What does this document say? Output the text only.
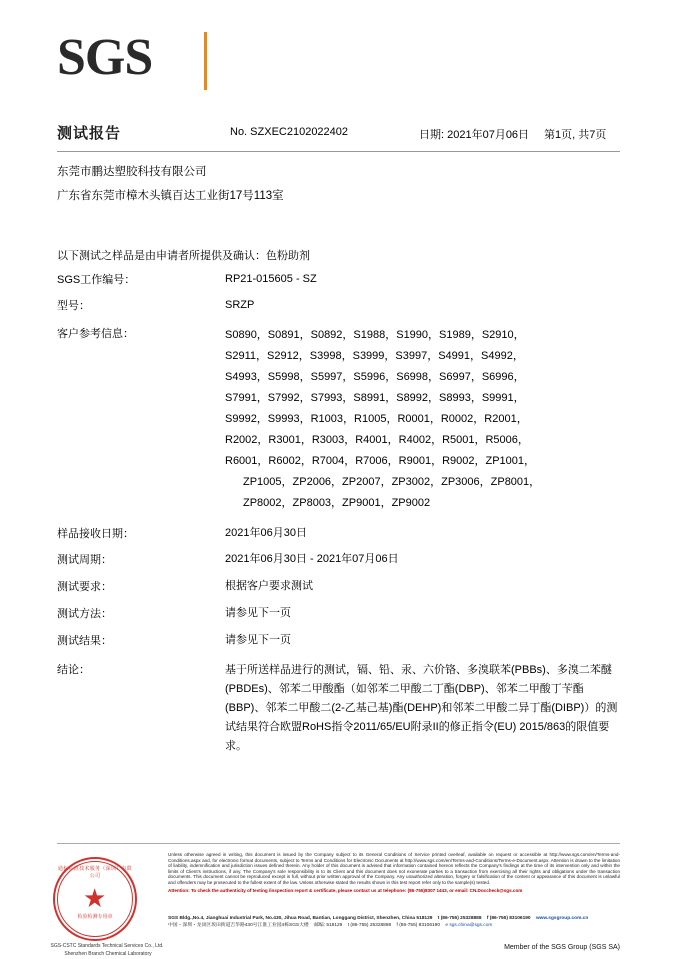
SGS
测试报告	No. SZXEC2102022402	日期: 2021年07月06日 第1页, 共7页
东莞市鹏达塑胶科技有限公司
广东省东莞市樟木头镇百达工业街17号113室
以下测试之样品是由申请者所提供及确认：色粉助剂
SGS工作编号：	RP21-015605 - SZ
型号：	SRZP
客户参考信息：	S0890，S0891，S0892，S1988，S1990，S1989，S2910，
S2911，S2912，S3998，S3999，S3997，S4991，S4992，
S4993，S5998，S5997，S5996，S6998，S6997，S6996，
S7991，S7992，S7993，S8991，S8992，S8993，S9991，
S9992，S9993，R1003，R1005，R0001，R0002，R2001，
R2002，R3001，R3003，R4001，R4002，R5001，R5006，
R6001，R6002，R7004，R7006，R9001，R9002，ZP1001，
ZP1005，ZP2006，ZP2007，ZP3002，ZP3006，ZP8001，
ZP8002，ZP8003，ZP9001，ZP9002
样品接收日期：	2021年06月30日
测试周期：	2021年06月30日 - 2021年07月06日
测试要求：	根据客户要求测试
测试方法：	请参见下一页
测试结果：	请参见下一页
结论：	基于所送样品进行的测试，镉、铅、汞、六价铬、多溴联苯(PBBs)、多溴二苯醚(PBDEs)、邻苯二甲酸酯（如邻苯二甲酸二丁酯(DBP)、邻苯二甲酸丁苄酯(BBP)、邻苯二甲酸二(2-乙基己基)酯(DEHP)和邻苯二甲酸二异丁酯(DIBP)）的测试结果符合欧盟RoHS指令2011/65/EU附录II的修正指令(EU) 2015/863的限值要求。
通标标准技术服务（深圳）有限公司
★
检验检测专用章
SGS-CSTC Standards Technical Services Co., Ltd.
Shenzhen Branch Chemical Laboratory
Unless otherwise agreed in writing, this document is issued by the Company subject to its General Conditions of Service printed overleaf, available on request or accessible at http://www.sgs.com/en/Terms-and-Conditions.aspx and, for electronic format documents, subject to Terms and Conditions for Electronic Documents at http://www.sgs.com/en/Terms-and-Conditions/Terms-e-Document.aspx. Attention is drawn to the limitation of liability, indemnification and jurisdiction issues defined therein. Any holder of this document is advised that information contained hereon reflects the Company's findings at the time of its intervention only and within the limits of Client's instructions, if any. The Company's sole responsibility is to its Client and this document does not exonerate parties to a transaction from exercising all their rights and obligations under the transaction documents. This document cannot be reproduced except in full, without prior written approval of the Company. Any unauthorized alteration, forgery or falsification of the content or appearance of this document is unlawful and offenders may be prosecuted to the fullest extent of the law. Unless otherwise stated the results shown in this test report refer only to the sample(s) tested.
Attention: To check the authenticity of testing /inspection report & certificate, please contact us at telephone: (86-755)8307 1443, or email: CN.Doccheck@sgs.com
SGS Bldg.,No.4, Jianghuai Industrial Park, No.430, Jihua Road, Bantian, Longgang District, Shenzhen, China 518129 t (86-755) 25328888 f (86-755) 83106190 www.sgsgroup.com.cn
中国・深圳・龙岗区坂田街道吉华路430号江淮工业园4栋SGS大楼 邮编: 518129 t (86-755) 25328888 f (86-755) 83106190 e sgs.china@sgs.com
Member of the SGS Group (SGS SA)
